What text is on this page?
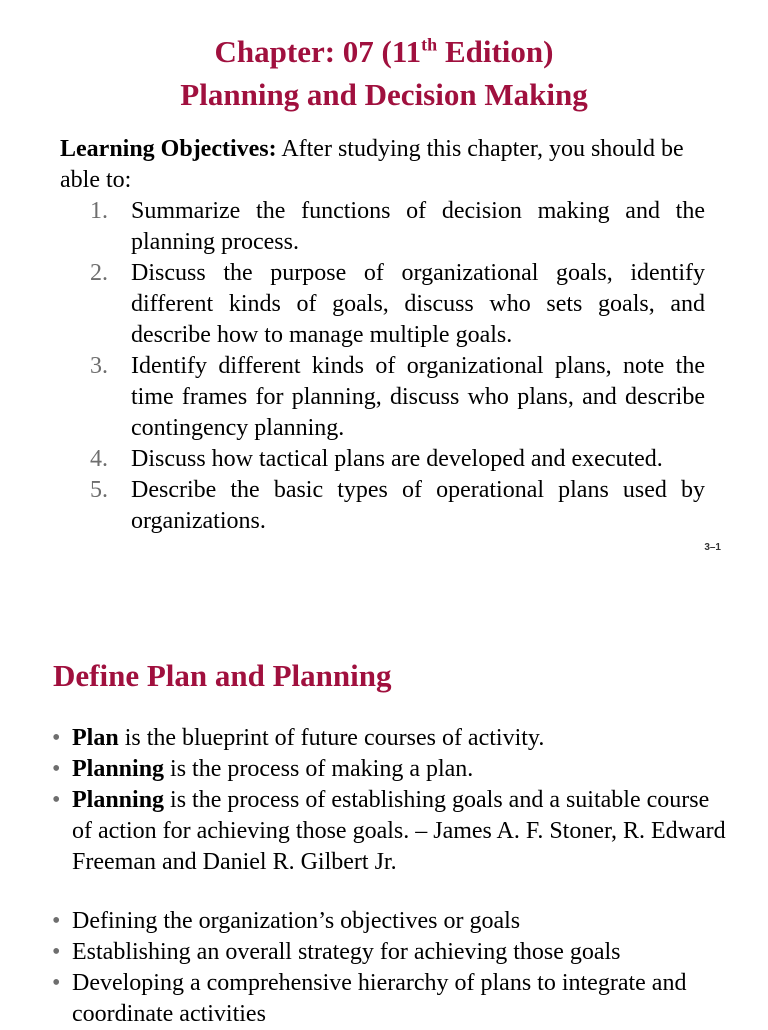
Chapter: 07 (11th Edition)
Planning and Decision Making

Learning Objectives: After studying this chapter, you should be able to:

1. Summarize the functions of decision making and the planning process.
2. Discuss the purpose of organizational goals, identify different kinds of goals, discuss who sets goals, and describe how to manage multiple goals.
3. Identify different kinds of organizational plans, note the time frames for planning, discuss who plans, and describe contingency planning.
4. Discuss how tactical plans are developed and executed.
5. Describe the basic types of operational plans used by organizations.
3–1
Define Plan and Planning
• Plan is the blueprint of future courses of activity.
• Planning is the process of making a plan.
• Planning is the process of establishing goals and a suitable course of action for achieving those goals. – James A. F. Stoner, R. Edward Freeman and Daniel R. Gilbert Jr.
• Defining the organization’s objectives or goals
• Establishing an overall strategy for achieving those goals
• Developing a comprehensive hierarchy of plans to integrate and coordinate activities
